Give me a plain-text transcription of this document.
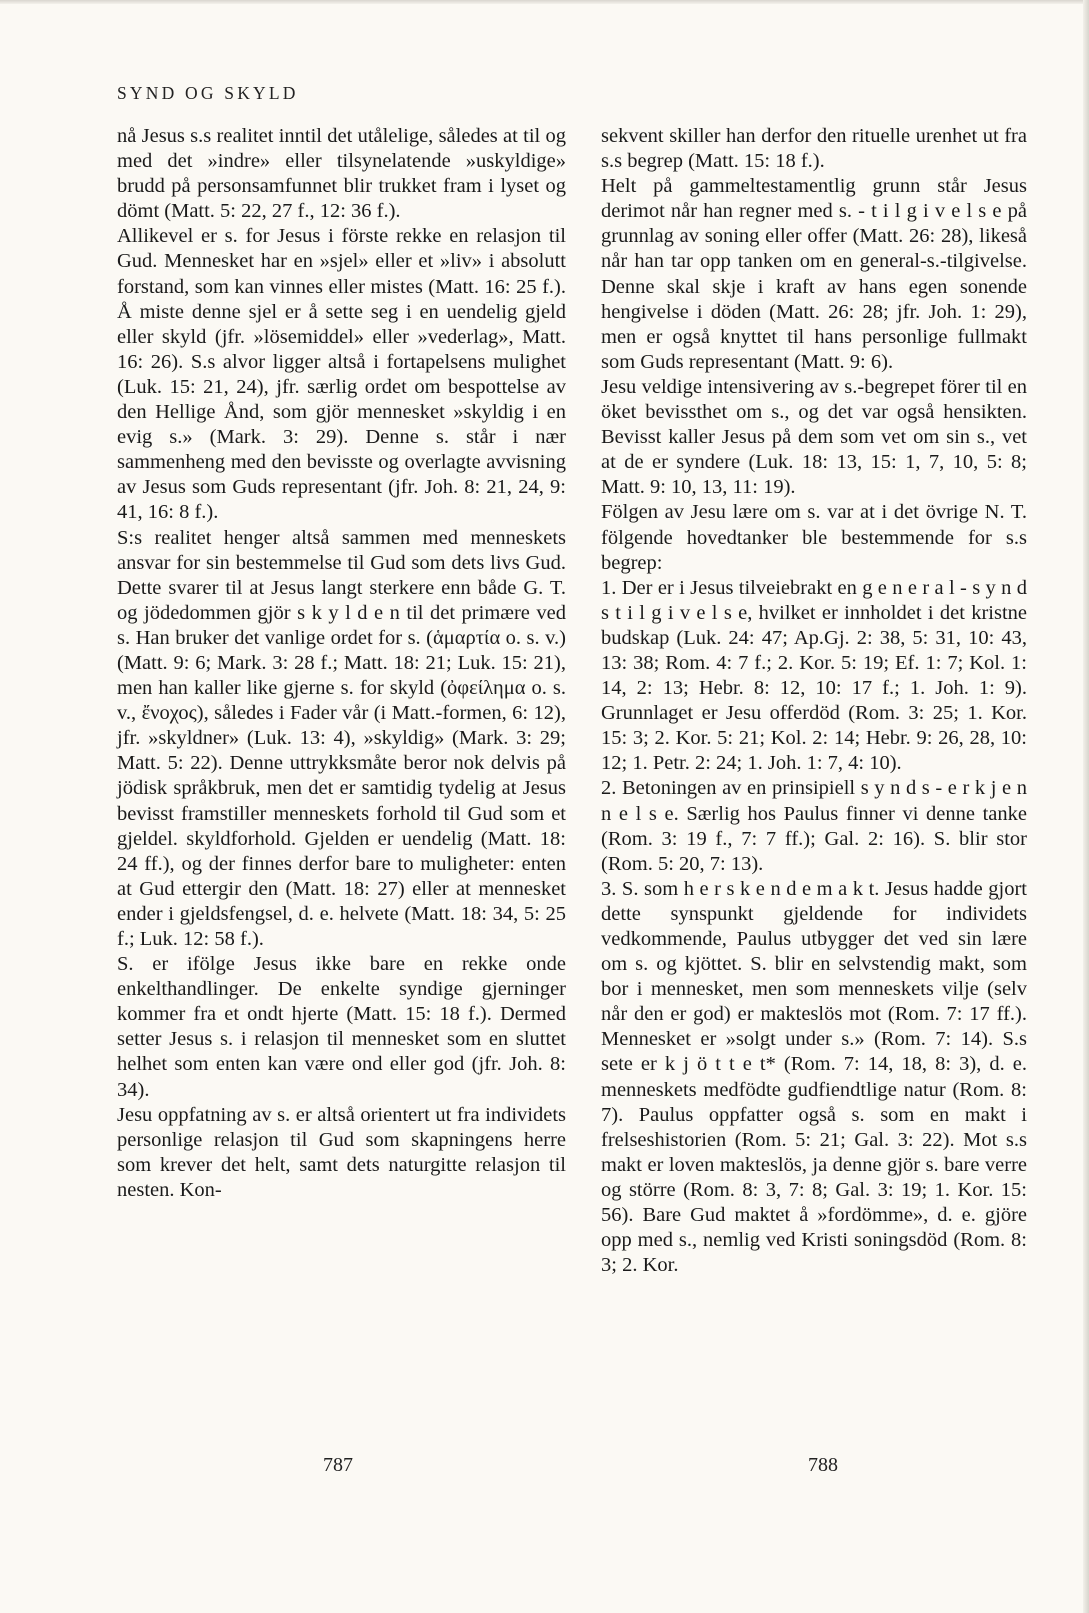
SYND OG SKYLD

nå Jesus s.s realitet inntil det utålelige, således at til og med det »indre» eller tilsynelatende »uskyldige» brudd på personsamfunnet blir trukket fram i lyset og dömt (Matt. 5: 22, 27 f., 12: 36 f.).

Allikevel er s. for Jesus i förste rekke en relasjon til Gud. Mennesket har en »sjel» eller et »liv» i absolutt forstand, som kan vinnes eller mistes (Matt. 16: 25 f.). Å miste denne sjel er å sette seg i en uendelig gjeld eller skyld (jfr. »lösemiddel» eller »vederlag», Matt. 16: 26). S.s alvor ligger altså i fortapelsens mulighet (Luk. 15: 21, 24), jfr. særlig ordet om bespottelse av den Hellige Ånd, som gjör mennesket »skyldig i en evig s.» (Mark. 3: 29). Denne s. står i nær sammenheng med den bevisste og overlagte avvisning av Jesus som Guds representant (jfr. Joh. 8: 21, 24, 9: 41, 16: 8 f.).

S:s realitet henger altså sammen med menneskets ansvar for sin bestemmelse til Gud som dets livs Gud. Dette svarer til at Jesus langt sterkere enn både G. T. og jödedommen gjör s k y l d e n til det primære ved s. Han bruker det vanlige ordet for s. (ἁμαρτία o. s. v.) (Matt. 9: 6; Mark. 3: 28 f.; Matt. 18: 21; Luk. 15: 21), men han kaller like gjerne s. for skyld (ὀφείλημα o. s. v., ἔνοχος), således i Fader vår (i Matt.-formen, 6: 12), jfr. »skyldner» (Luk. 13: 4), »skyldig» (Mark. 3: 29; Matt. 5: 22). Denne uttrykksmåte beror nok delvis på jödisk språkbruk, men det er samtidig tydelig at Jesus bevisst framstiller menneskets forhold til Gud som et gjeldel. skyldforhold. Gjelden er uendelig (Matt. 18: 24 ff.), og der finnes derfor bare to muligheter: enten at Gud ettergir den (Matt. 18: 27) eller at mennesket ender i gjeldsfengsel, d. e. helvete (Matt. 18: 34, 5: 25 f.; Luk. 12: 58 f.).

S. er ifölge Jesus ikke bare en rekke onde enkelthandlinger. De enkelte syndige gjerninger kommer fra et ondt hjerte (Matt. 15: 18 f.). Dermed setter Jesus s. i relasjon til mennesket som en sluttet helhet som enten kan være ond eller god (jfr. Joh. 8: 34).

Jesu oppfatning av s. er altså orientert ut fra individets personlige relasjon til Gud som skapningens herre som krever det helt, samt dets naturgitte relasjon til nesten. Kon-

sekvent skiller han derfor den rituelle urenhet ut fra s.s begrep (Matt. 15: 18 f.).

Helt på gammeltestamentlig grunn står Jesus derimot når han regner med s. - t i l g i v e l s e på grunnlag av soning eller offer (Matt. 26: 28), likeså når han tar opp tanken om en general-s.-tilgivelse. Denne skal skje i kraft av hans egen sonende hengivelse i döden (Matt. 26: 28; jfr. Joh. 1: 29), men er også knyttet til hans personlige fullmakt som Guds representant (Matt. 9: 6).

Jesu veldige intensivering av s.-begrepet förer til en öket bevissthet om s., og det var også hensikten. Bevisst kaller Jesus på dem som vet om sin s., vet at de er syndere (Luk. 18: 13, 15: 1, 7, 10, 5: 8; Matt. 9: 10, 13, 11: 19).

Fölgen av Jesu lære om s. var at i det övrige N. T. fölgende hovedtanker ble bestemmende for s.s begrep:

1. Der er i Jesus tilveiebrakt en g e n e r a l - s y n d s t i l g i v e l s e, hvilket er innholdet i det kristne budskap (Luk. 24: 47; Ap.Gj. 2: 38, 5: 31, 10: 43, 13: 38; Rom. 4: 7 f.; 2. Kor. 5: 19; Ef. 1: 7; Kol. 1: 14, 2: 13; Hebr. 8: 12, 10: 17 f.; 1. Joh. 1: 9). Grunnlaget er Jesu offerdöd (Rom. 3: 25; 1. Kor. 15: 3; 2. Kor. 5: 21; Kol. 2: 14; Hebr. 9: 26, 28, 10: 12; 1. Petr. 2: 24; 1. Joh. 1: 7, 4: 10).

2. Betoningen av en prinsipiell s y n d s - e r k j e n n e l s e. Særlig hos Paulus finner vi denne tanke (Rom. 3: 19 f., 7: 7 ff.); Gal. 2: 16). S. blir stor (Rom. 5: 20, 7: 13).

3. S. som h e r s k e n d e m a k t. Jesus hadde gjort dette synspunkt gjeldende for individets vedkommende, Paulus utbygger det ved sin lære om s. og kjöttet. S. blir en selvstendig makt, som bor i mennesket, men som menneskets vilje (selv når den er god) er makteslös mot (Rom. 7: 17 ff.). Mennesket er »solgt under s.» (Rom. 7: 14). S.s sete er k j ö t t e t* (Rom. 7: 14, 18, 8: 3), d. e. menneskets medfödte gudfiendtlige natur (Rom. 8: 7). Paulus oppfatter også s. som en makt i frelseshistorien (Rom. 5: 21; Gal. 3: 22). Mot s.s makt er loven makteslös, ja denne gjör s. bare verre og större (Rom. 8: 3, 7: 8; Gal. 3: 19; 1. Kor. 15: 56). Bare Gud maktet å »fordömme», d. e. gjöre opp med s., nemlig ved Kristi soningsdöd (Rom. 8: 3; 2. Kor.

787	788
